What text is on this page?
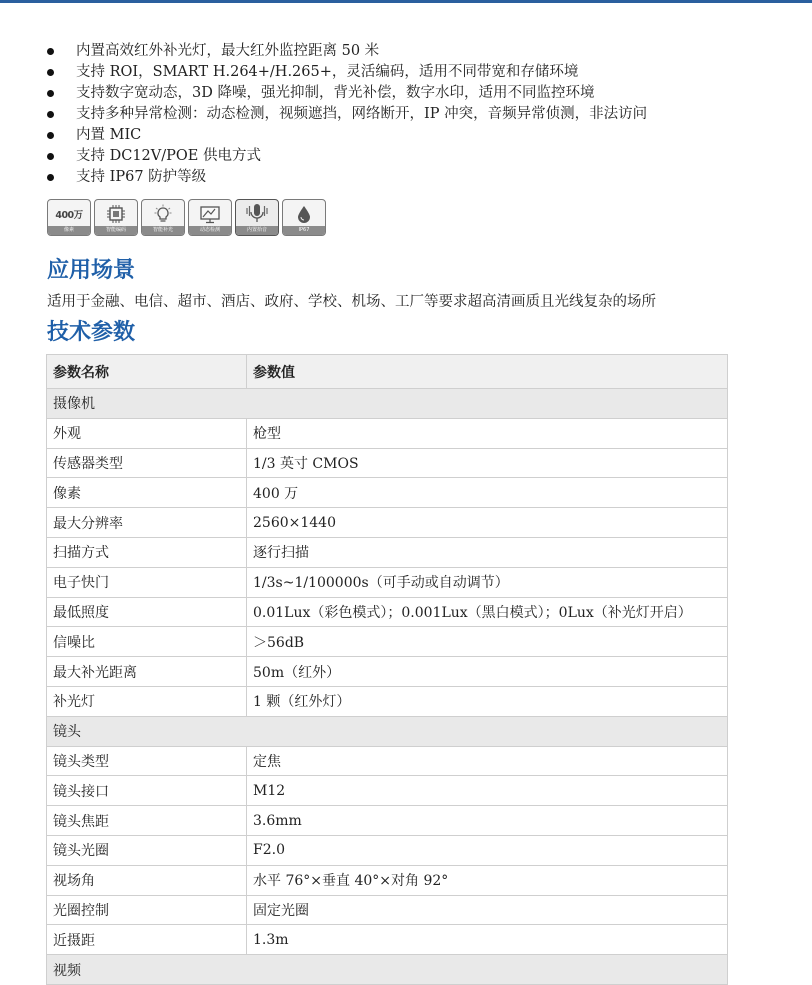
内置高效红外补光灯，最大红外监控距离 50 米
支持 ROI，SMART H.264+/H.265+，灵活编码，适用不同带宽和存储环境
支持数字宽动态，3D 降噪，强光抑制，背光补偿，数字水印，适用不同监控环境
支持多种异常检测：动态检测，视频遮挡，网络断开，IP 冲突，音频异常侦测，非法访问
内置 MIC
支持 DC12V/POE 供电方式
支持 IP67 防护等级
400万
像素	智能编码	智能补光	动态检测	内置拾音	IP67
应用场景

适用于金融、电信、超市、酒店、政府、学校、机场、工厂等要求超高清画质且光线复杂的场所

技术参数
参数名称	参数值
摄像机	
外观	枪型
传感器类型	1/3 英寸 CMOS
像素	400 万
最大分辨率	2560×1440
扫描方式	逐行扫描
电子快门	1/3s~1/100000s（可手动或自动调节）
最低照度	0.01Lux（彩色模式）；0.001Lux（黑白模式）；0Lux（补光灯开启）
信噪比	＞56dB
最大补光距离	50m（红外）
补光灯	1 颗（红外灯）
镜头	
镜头类型	定焦
镜头接口	M12
镜头焦距	3.6mm
镜头光圈	F2.0
视场角	水平 76°×垂直 40°×对角 92°
光圈控制	固定光圈
近摄距	1.3m
视频	
